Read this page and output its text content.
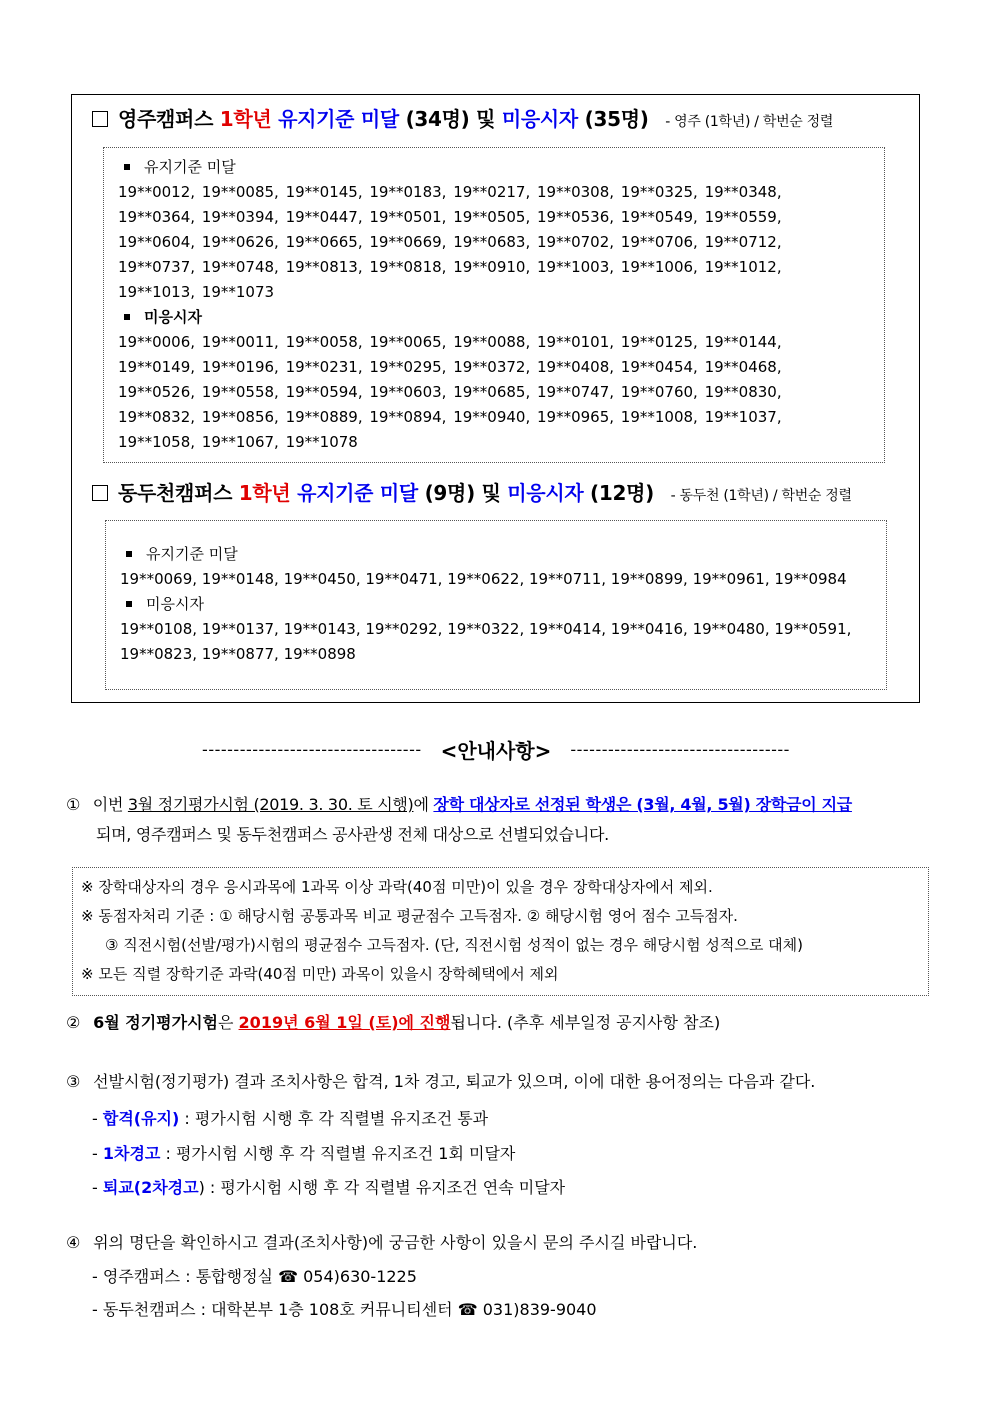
영주캠퍼스 1학년 유지기준 미달 (34명) 및 미응시자 (35명) - 영주 (1학년) / 학번순 정렬
유지기준 미달
19**0012, 19**0085, 19**0145, 19**0183, 19**0217, 19**0308, 19**0325, 19**0348,
19**0364, 19**0394, 19**0447, 19**0501, 19**0505, 19**0536, 19**0549, 19**0559,
19**0604, 19**0626, 19**0665, 19**0669, 19**0683, 19**0702, 19**0706, 19**0712,
19**0737, 19**0748, 19**0813, 19**0818, 19**0910, 19**1003, 19**1006, 19**1012,
19**1013, 19**1073
미응시자
19**0006, 19**0011, 19**0058, 19**0065, 19**0088, 19**0101, 19**0125, 19**0144,
19**0149, 19**0196, 19**0231, 19**0295, 19**0372, 19**0408, 19**0454, 19**0468,
19**0526, 19**0558, 19**0594, 19**0603, 19**0685, 19**0747, 19**0760, 19**0830,
19**0832, 19**0856, 19**0889, 19**0894, 19**0940, 19**0965, 19**1008, 19**1037,
19**1058, 19**1067, 19**1078
동두천캠퍼스 1학년 유지기준 미달 (9명) 및 미응시자 (12명) - 동두천 (1학년) / 학번순 정렬
유지기준 미달
19**0069, 19**0148, 19**0450, 19**0471, 19**0622, 19**0711, 19**0899, 19**0961, 19**0984
미응시자
19**0108, 19**0137, 19**0143, 19**0292, 19**0322, 19**0414, 19**0416, 19**0480, 19**0591,
19**0823, 19**0877, 19**0898
----------------------------------- <안내사항> -----------------------------------
① 이번 3월 정기평가시험 (2019. 3. 30. 토 시행)에 장학 대상자로 선정된 학생은 (3월, 4월, 5월) 장학금이 지급
되며, 영주캠퍼스 및 동두천캠퍼스 공사관생 전체 대상으로 선별되었습니다.
※ 장학대상자의 경우 응시과목에 1과목 이상 과락(40점 미만)이 있을 경우 장학대상자에서 제외.
※ 동점자처리 기준 : ① 해당시험 공통과목 비교 평균점수 고득점자. ② 해당시험 영어 점수 고득점자.
③ 직전시험(선발/평가)시험의 평균점수 고득점자. (단, 직전시험 성적이 없는 경우 해당시험 성적으로 대체)
※ 모든 직렬 장학기준 과락(40점 미만) 과목이 있을시 장학혜택에서 제외
② 6월 정기평가시험은 2019년 6월 1일 (토)에 진행됩니다. (추후 세부일정 공지사항 참조)
③ 선발시험(정기평가) 결과 조치사항은 합격, 1차 경고, 퇴교가 있으며, 이에 대한 용어정의는 다음과 같다.
- 합격(유지) : 평가시험 시행 후 각 직렬별 유지조건 통과
- 1차경고 : 평가시험 시행 후 각 직렬별 유지조건 1회 미달자
- 퇴교(2차경고) : 평가시험 시행 후 각 직렬별 유지조건 연속 미달자
④ 위의 명단을 확인하시고 결과(조치사항)에 궁금한 사항이 있을시 문의 주시길 바랍니다.
- 영주캠퍼스 : 통합행정실 ☎ 054)630-1225
- 동두천캠퍼스 : 대학본부 1층 108호 커뮤니티센터 ☎ 031)839-9040
